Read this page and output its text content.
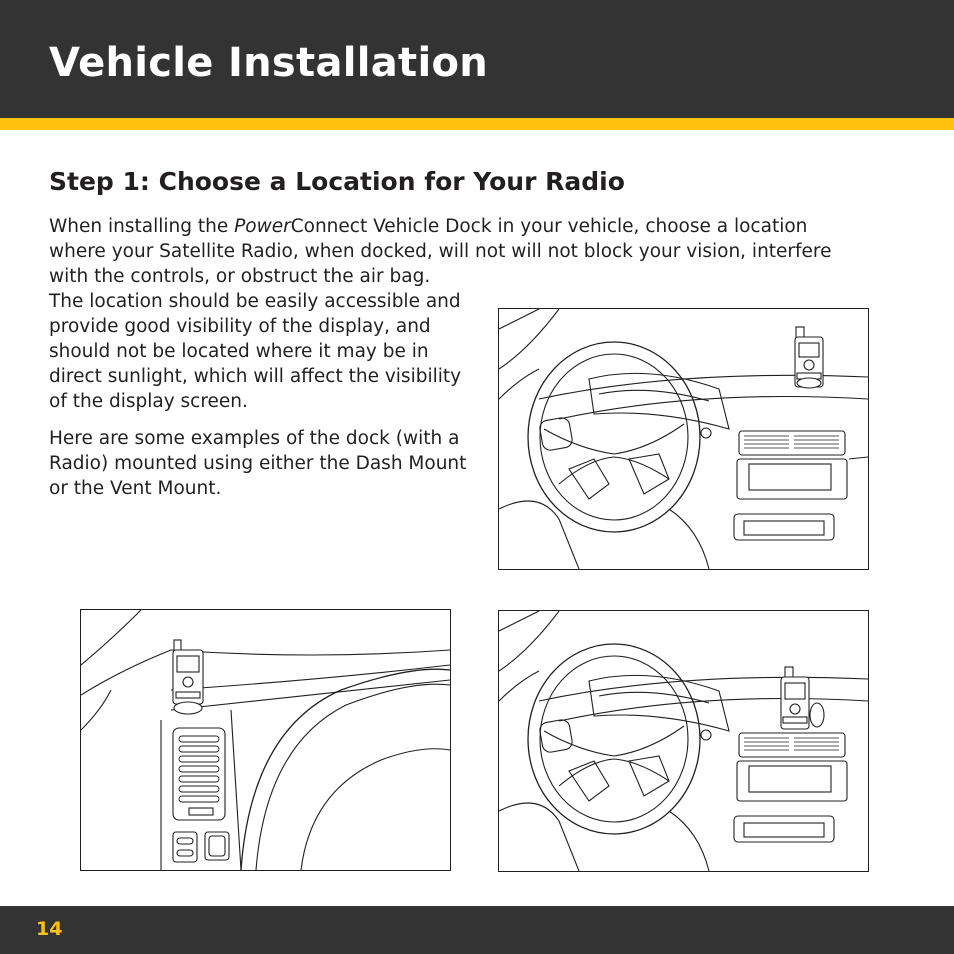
Vehicle Installation
Step 1: Choose a Location for Your Radio

When installing the PowerConnect Vehicle Dock in your vehicle, choose a location
where your Satellite Radio, when docked, will not will not block your vision, interfere
with the controls, or obstruct the air bag.

The location should be easily accessible and provide good visibility of the display, and should not be located where it may be in direct sunlight, which will affect the visibility of the display screen.

Here are some examples of the dock (with a Radio) mounted using either the Dash Mount or the Vent Mount.

14
